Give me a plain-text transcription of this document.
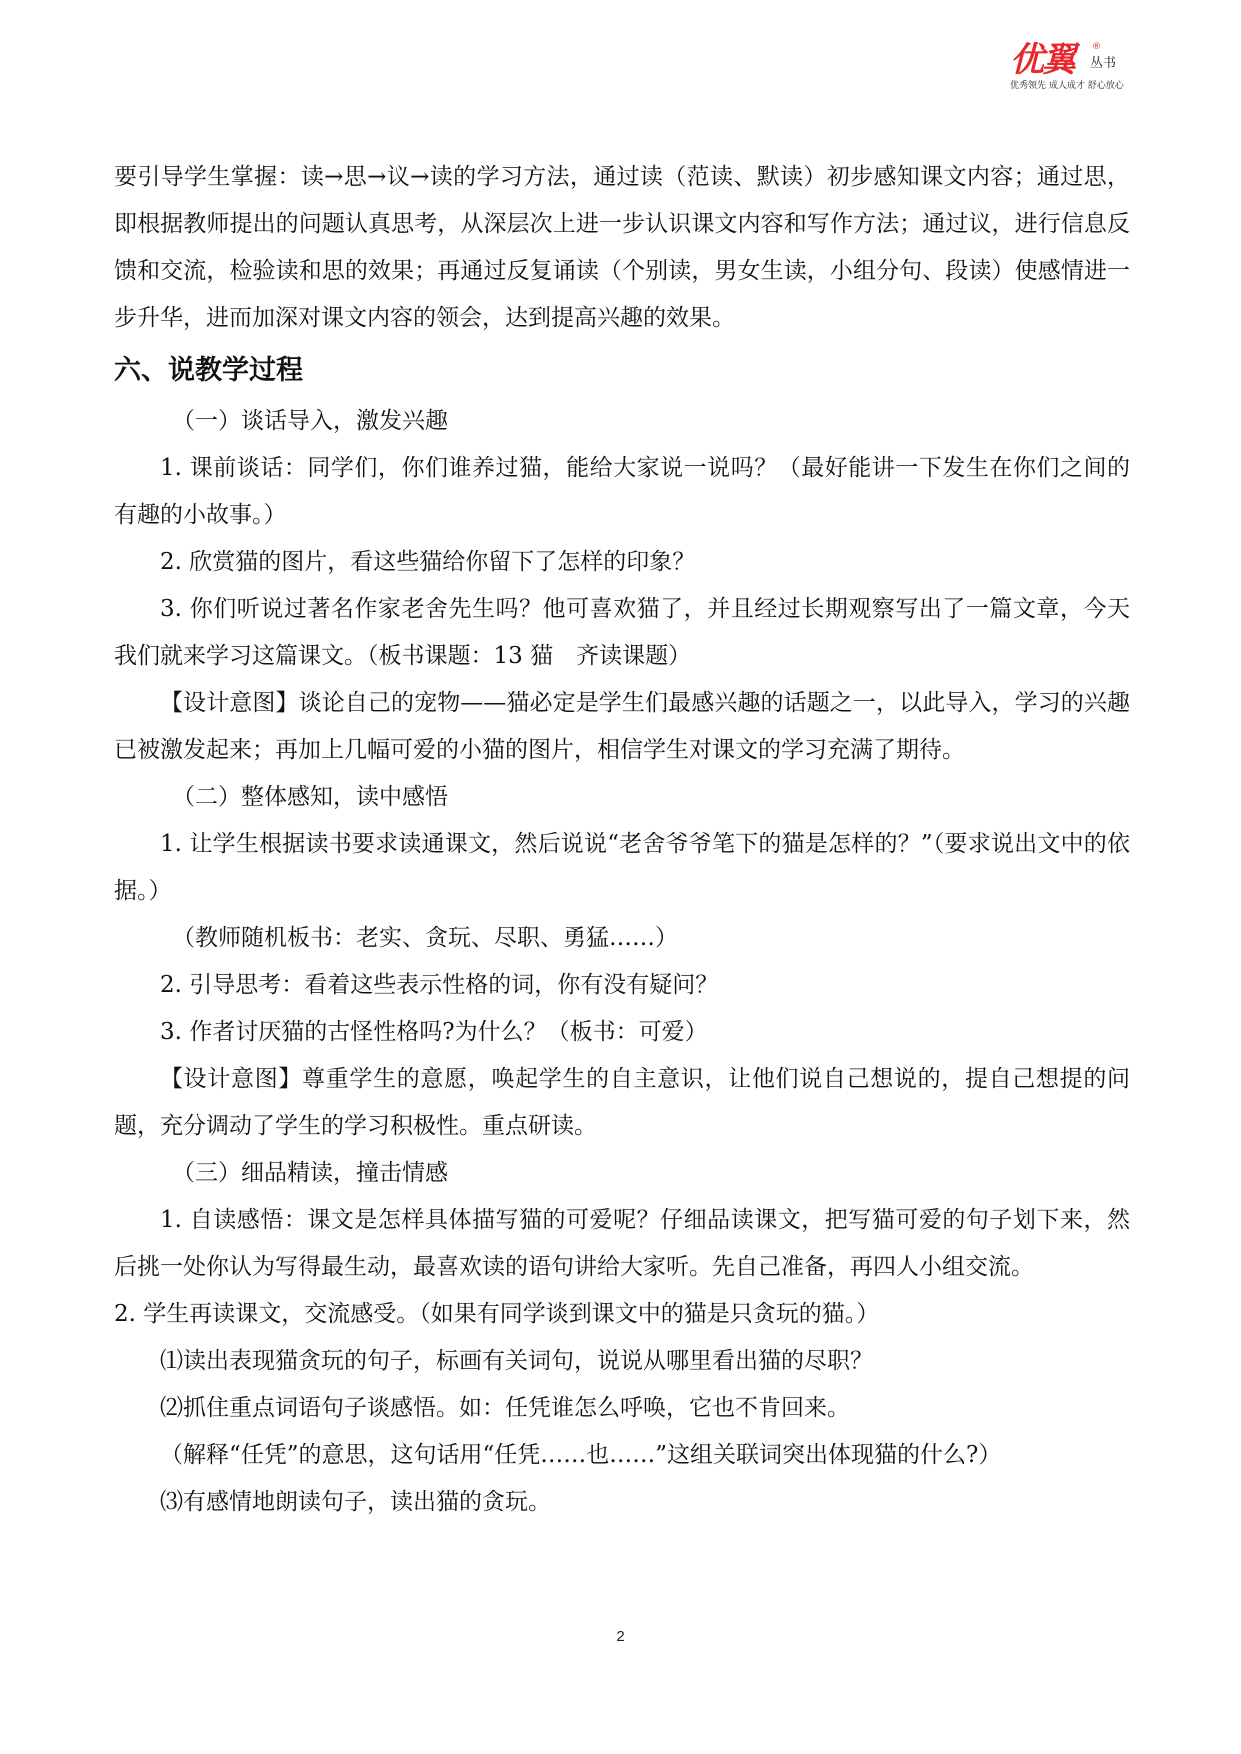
优翼 ®
丛书
优秀领先 成人成才 舒心放心

要引导学生掌握：读→思→议→读的学习方法，通过读（范读、默读）初步感知课文内容；通过思，即根据教师提出的问题认真思考，从深层次上进一步认识课文内容和写作方法；通过议，进行信息反馈和交流，检验读和思的效果；再通过反复诵读（个别读，男女生读，小组分句、段读）使感情进一步升华，进而加深对课文内容的领会，达到提高兴趣的效果。

六、说教学过程

（一）谈话导入，激发兴趣

1. 课前谈话：同学们，你们谁养过猫，能给大家说一说吗？（最好能讲一下发生在你们之间的有趣的小故事。）

2. 欣赏猫的图片，看这些猫给你留下了怎样的印象？

3. 你们听说过著名作家老舍先生吗？他可喜欢猫了，并且经过长期观察写出了一篇文章，今天我们就来学习这篇课文。（板书课题：13 猫　齐读课题）

【设计意图】谈论自己的宠物——猫必定是学生们最感兴趣的话题之一，以此导入，学习的兴趣已被激发起来；再加上几幅可爱的小猫的图片，相信学生对课文的学习充满了期待。

（二）整体感知，读中感悟

1. 让学生根据读书要求读通课文，然后说说“老舍爷爷笔下的猫是怎样的？”（要求说出文中的依据。）

（教师随机板书：老实、贪玩、尽职、勇猛……）

2. 引导思考：看着这些表示性格的词，你有没有疑问？

3. 作者讨厌猫的古怪性格吗?为什么？（板书：可爱）

【设计意图】尊重学生的意愿，唤起学生的自主意识，让他们说自己想说的，提自己想提的问题，充分调动了学生的学习积极性。重点研读。

（三）细品精读，撞击情感

1. 自读感悟：课文是怎样具体描写猫的可爱呢？仔细品读课文，把写猫可爱的句子划下来，然后挑一处你认为写得最生动，最喜欢读的语句讲给大家听。先自己准备，再四人小组交流。

2. 学生再读课文，交流感受。（如果有同学谈到课文中的猫是只贪玩的猫。）

⑴读出表现猫贪玩的句子，标画有关词句，说说从哪里看出猫的尽职？

⑵抓住重点词语句子谈感悟。如：任凭谁怎么呼唤，它也不肯回来。

（解释“任凭”的意思，这句话用“任凭……也……”这组关联词突出体现猫的什么?）

⑶有感情地朗读句子，读出猫的贪玩。

2
